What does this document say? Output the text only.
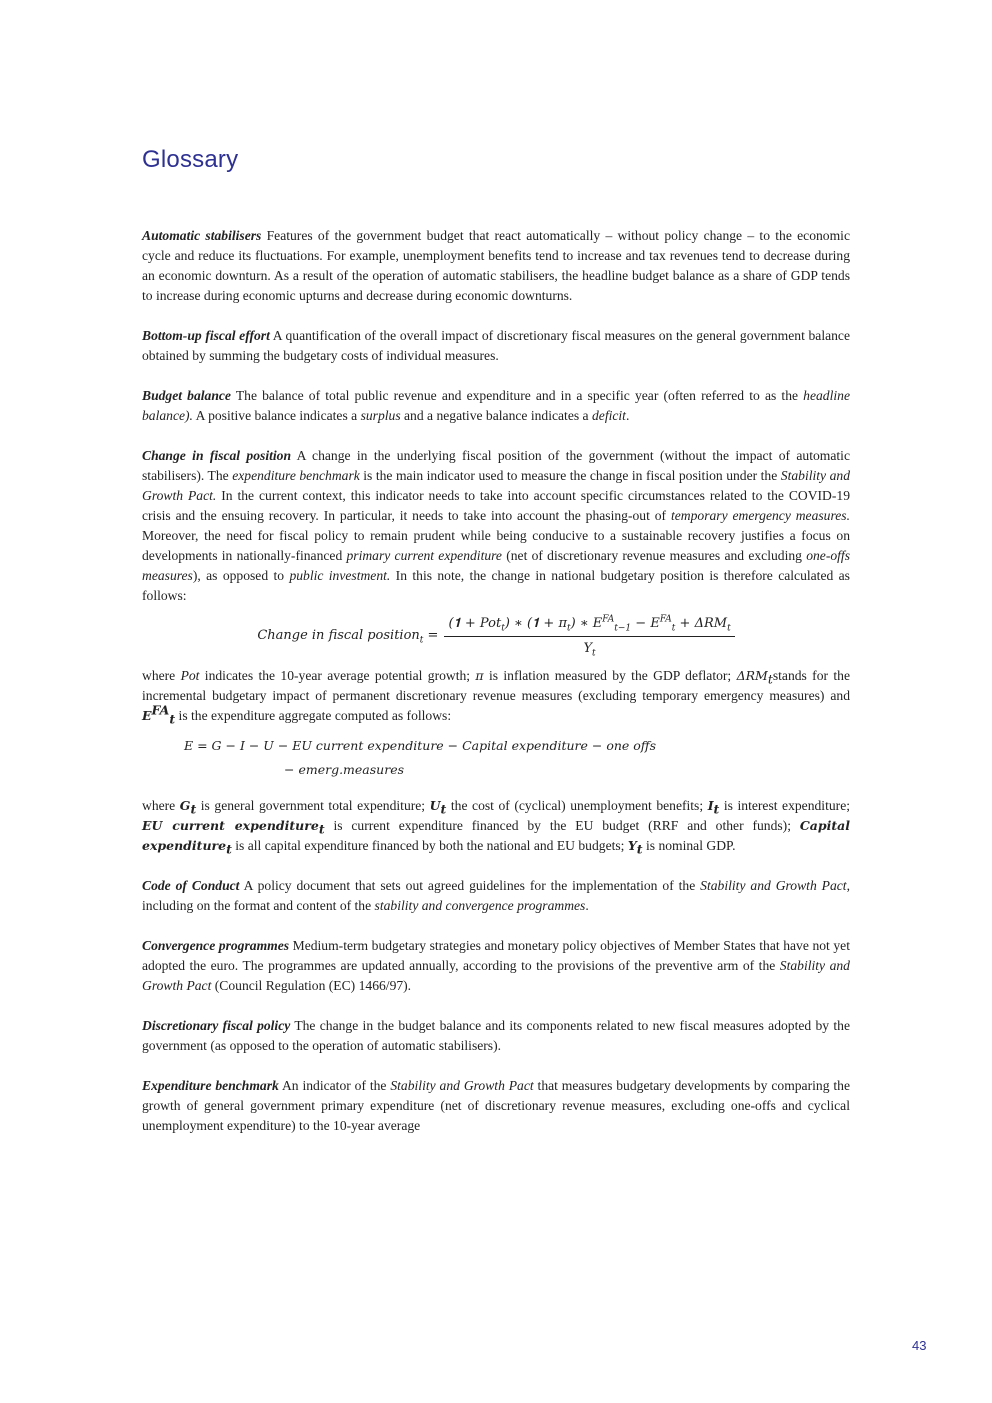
Glossary

Automatic stabilisers Features of the government budget that react automatically – without policy change – to the economic cycle and reduce its fluctuations. For example, unemployment benefits tend to increase and tax revenues tend to decrease during an economic downturn. As a result of the operation of automatic stabilisers, the headline budget balance as a share of GDP tends to increase during economic upturns and decrease during economic downturns.

Bottom-up fiscal effort A quantification of the overall impact of discretionary fiscal measures on the general government balance obtained by summing the budgetary costs of individual measures.

Budget balance The balance of total public revenue and expenditure and in a specific year (often referred to as the headline balance). A positive balance indicates a surplus and a negative balance indicates a deficit.

Change in fiscal position A change in the underlying fiscal position of the government (without the impact of automatic stabilisers). The expenditure benchmark is the main indicator used to measure the change in fiscal position under the Stability and Growth Pact. In the current context, this indicator needs to take into account specific circumstances related to the COVID-19 crisis and the ensuing recovery. In particular, it needs to take into account the phasing-out of temporary emergency measures. Moreover, the need for fiscal policy to remain prudent while being conducive to a sustainable recovery justifies a focus on developments in nationally-financed primary current expenditure (net of discretionary revenue measures and excluding one-offs measures), as opposed to public investment. In this note, the change in national budgetary position is therefore calculated as follows:

Change in fiscal position$_t$ = $\frac{(𝟏 + Pot_t) ∗ (𝟏 + \pi_t) ∗ E^{FA}_{t-1} - E^{FA}_t + \Delta RM_t}{Y_t}$

where Pot indicates the 10-year average potential growth; π is inflation measured by the GDP deflator; $\Delta RM_tstands$ for the incremental budgetary impact of permanent discretionary revenue measures (excluding temporary emergency measures) and $E^{FA}_t$ is the expenditure aggregate computed as follows:

E = G − I − U − EU current expenditure − Capital expenditure − one offs
− emerg.measures

where $G_t$ is general government total expenditure; $U_t$ the cost of (cyclical) unemployment benefits; $I_t$ is interest expenditure; EU current expenditure$_t$ is current expenditure financed by the EU budget (RRF and other funds); Capital expenditure$_t$ is all capital expenditure financed by both the national and EU budgets; $Y_t$ is nominal GDP.

Code of Conduct A policy document that sets out agreed guidelines for the implementation of the Stability and Growth Pact, including on the format and content of the stability and convergence programmes.

Convergence programmes Medium-term budgetary strategies and monetary policy objectives of Member States that have not yet adopted the euro. The programmes are updated annually, according to the provisions of the preventive arm of the Stability and Growth Pact (Council Regulation (EC) 1466/97).

Discretionary fiscal policy The change in the budget balance and its components related to new fiscal measures adopted by the government (as opposed to the operation of automatic stabilisers).

Expenditure benchmark An indicator of the Stability and Growth Pact that measures budgetary developments by comparing the growth of general government primary expenditure (net of discretionary revenue measures, excluding one-offs and cyclical unemployment expenditure) to the 10-year average

43
